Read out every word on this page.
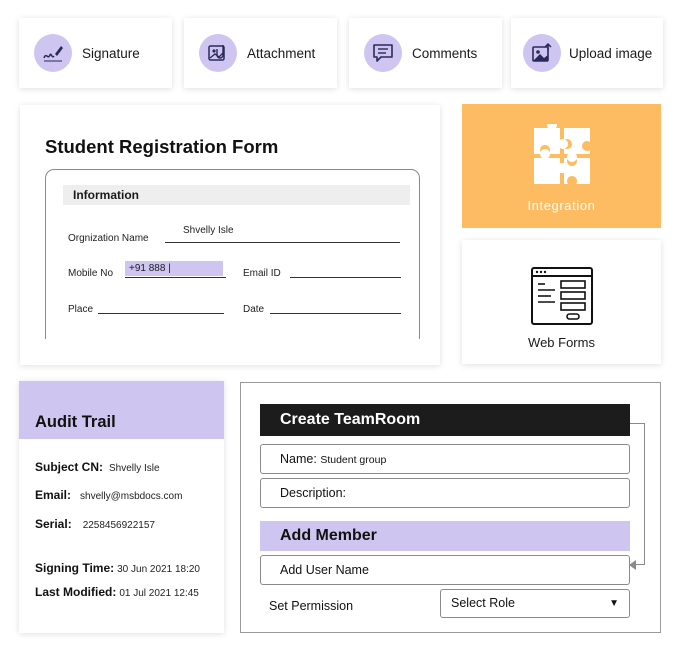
Signature	Attachment	Comments	Upload image
Student Registration Form
Information
Orgnization Name
Shvelly Isle
Mobile No	+91 888 |	Email ID
Place	Date
Integration
Web Forms
Audit Trail
Subject CN: Shvelly Isle
Email: shvelly@msbdocs.com
Serial: 2258456922157
Signing Time: 30 Jun 2021 18:20
Last Modified: 01 Jul 2021 12:45
Create TeamRoom
Name: Student group
Description:
Add Member
Add User Name
Set Permission	Select Role	▼
